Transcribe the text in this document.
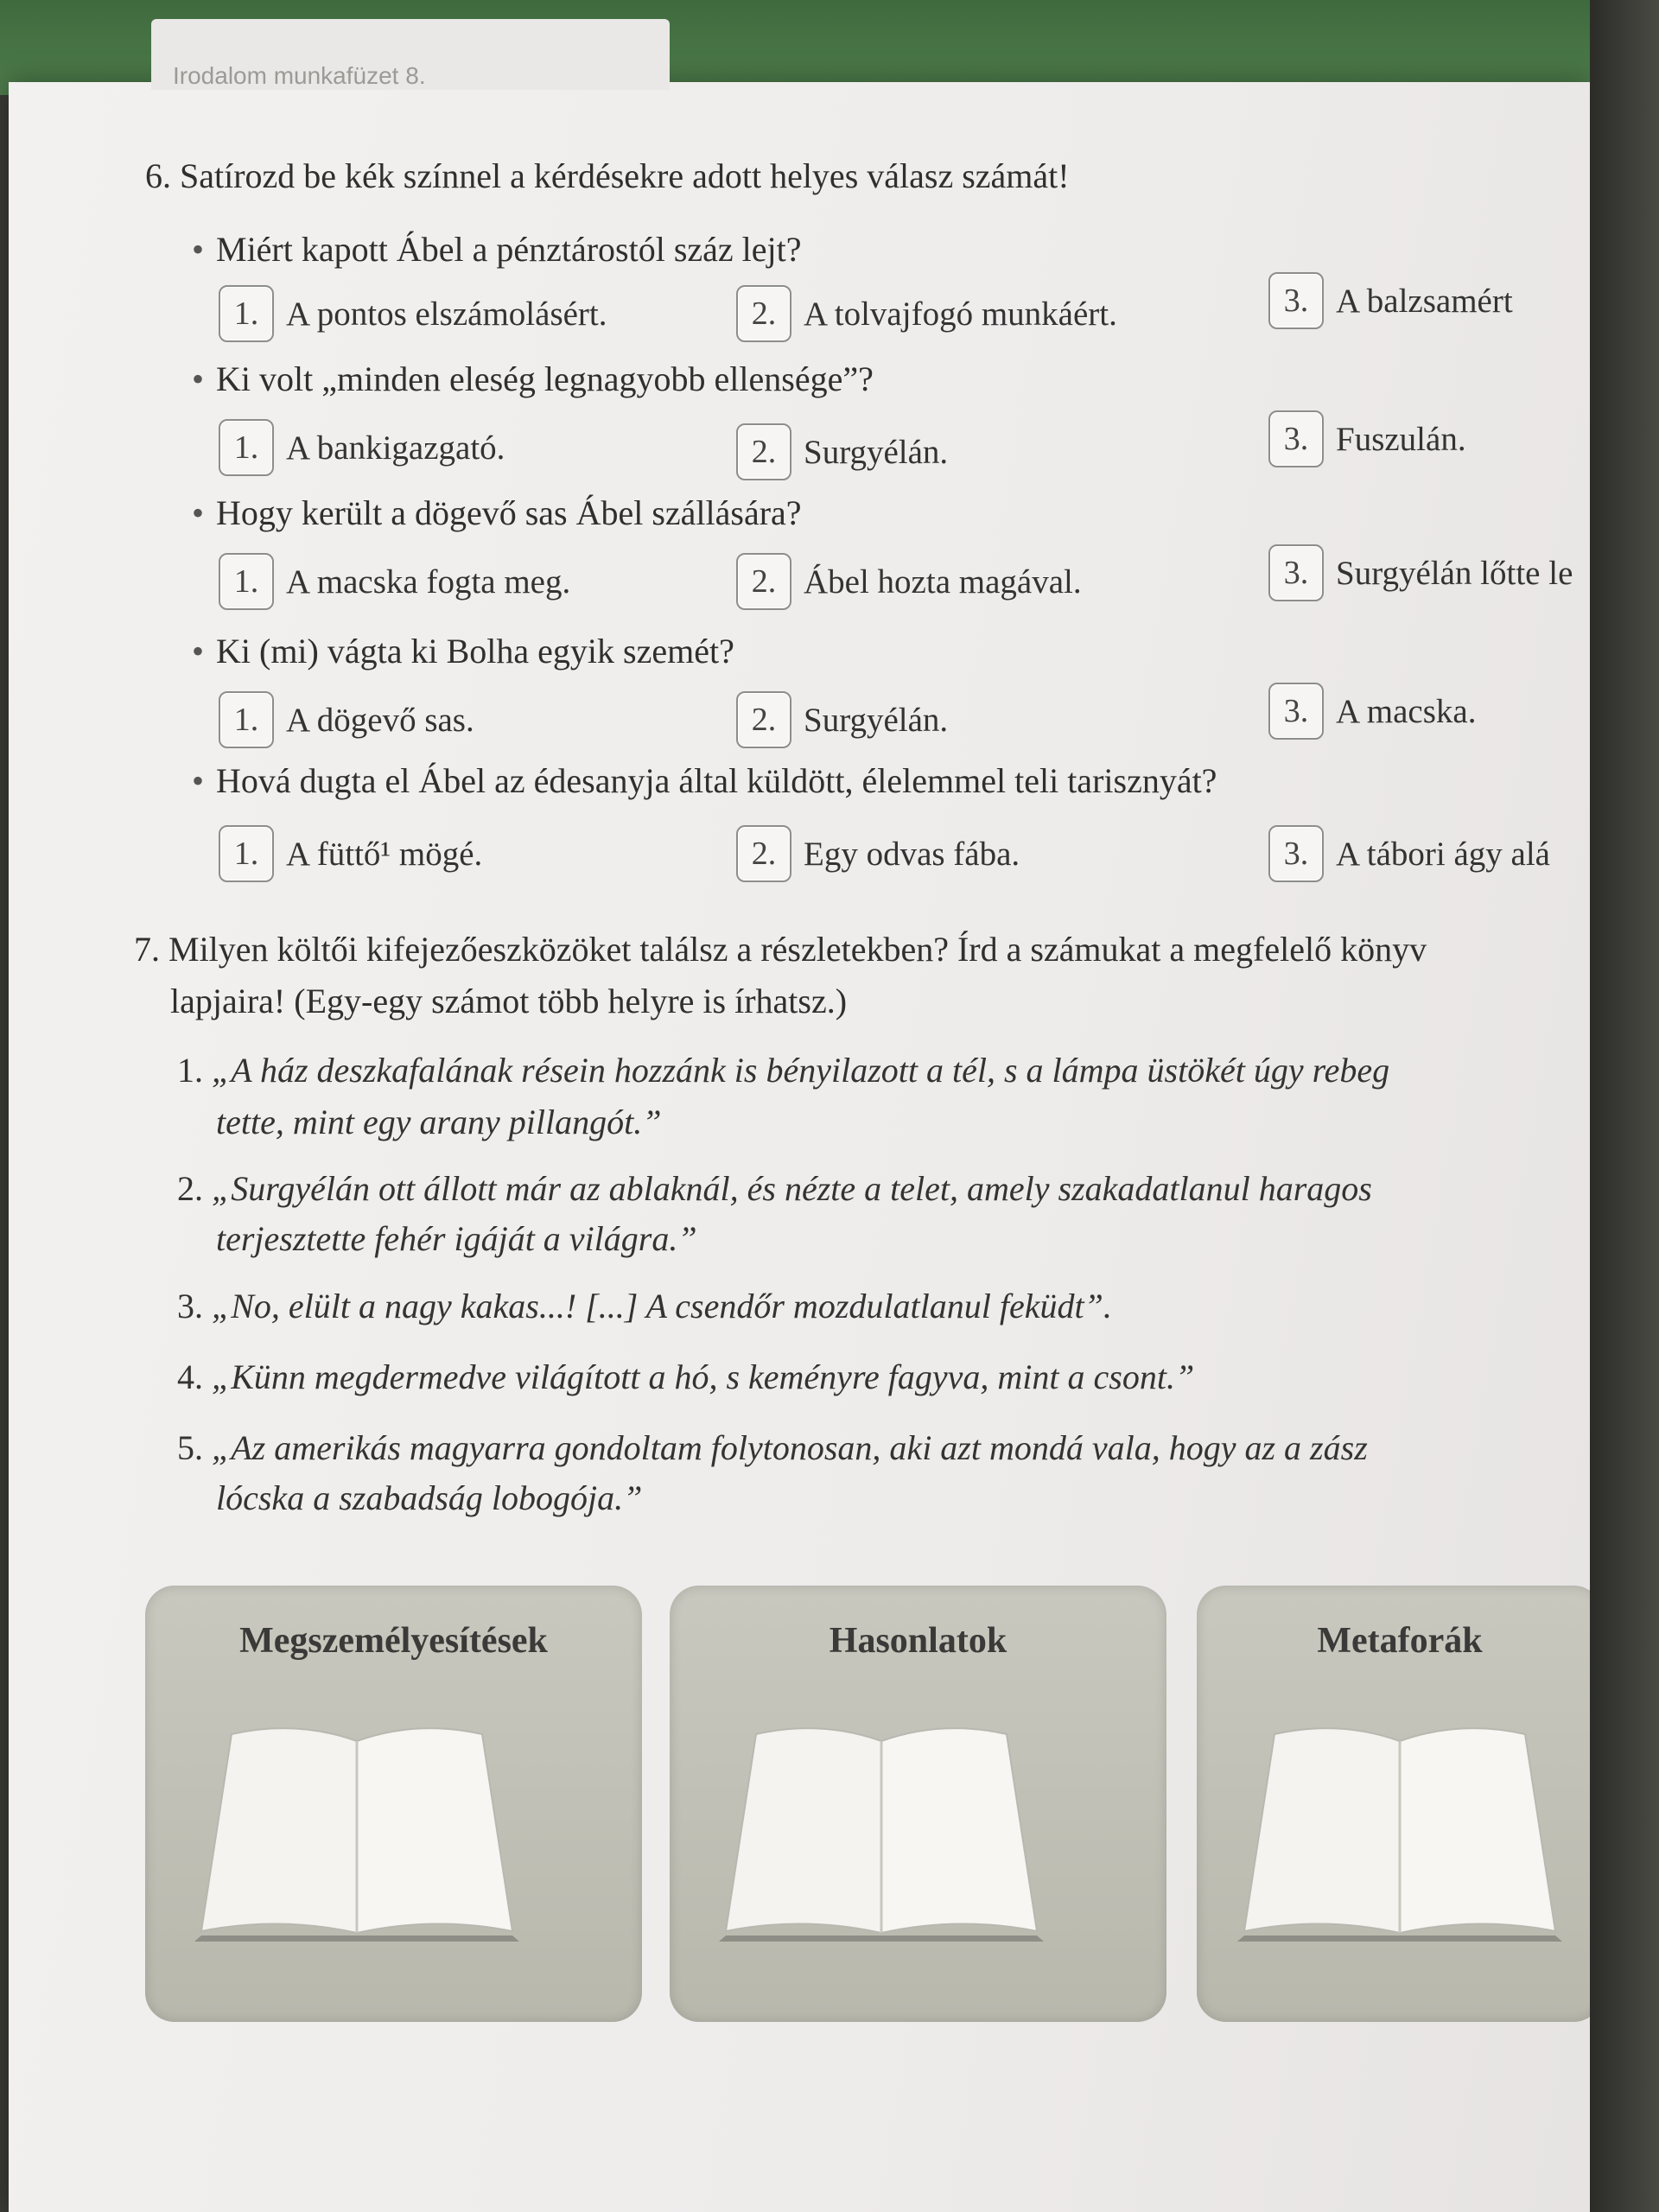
Irodalom munkafüzet 8.
6. Satírozd be kék színnel a kérdésekre adott helyes válasz számát!
• Miért kapott Ábel a pénztárostól száz lejt?
1. A pontos elszámolásért.	2. A tolvajfogó munkáért.	3. A balzsamért
• Ki volt „minden eleség legnagyobb ellensége”?
1. A bankigazgató.	2. Surgyélán.	3. Fuszulán.
• Hogy került a dögevő sas Ábel szállására?
1. A macska fogta meg.	2. Ábel hozta magával.	3. Surgyélán lőtte le
• Ki (mi) vágta ki Bolha egyik szemét?
1. A dögevő sas.	2. Surgyélán.	3. A macska.
• Hová dugta el Ábel az édesanyja által küldött, élelemmel teli tarisznyát?
1. A füttő¹ mögé.	2. Egy odvas fába.	3. A tábori ágy alá
7. Milyen költői kifejezőeszközöket találsz a részletekben? Írd a számukat a megfelelő könyv
lapjaira! (Egy-egy számot több helyre is írhatsz.)
1. „A ház deszkafalának résein hozzánk is bényilazott a tél, s a lámpa üstökét úgy rebeg
tette, mint egy arany pillangót.”
2. „Surgyélán ott állott már az ablaknál, és nézte a telet, amely szakadatlanul haragos
terjesztette fehér igáját a világra.”
3. „No, elült a nagy kakas...! [...] A csendőr mozdulatlanul feküdt”.
4. „Künn megdermedve világított a hó, s keményre fagyva, mint a csont.”
5. „Az amerikás magyarra gondoltam folytonosan, aki azt mondá vala, hogy az a zász
lócska a szabadság lobogója.”
Megszemélyesítések	Hasonlatok	Metaforák
